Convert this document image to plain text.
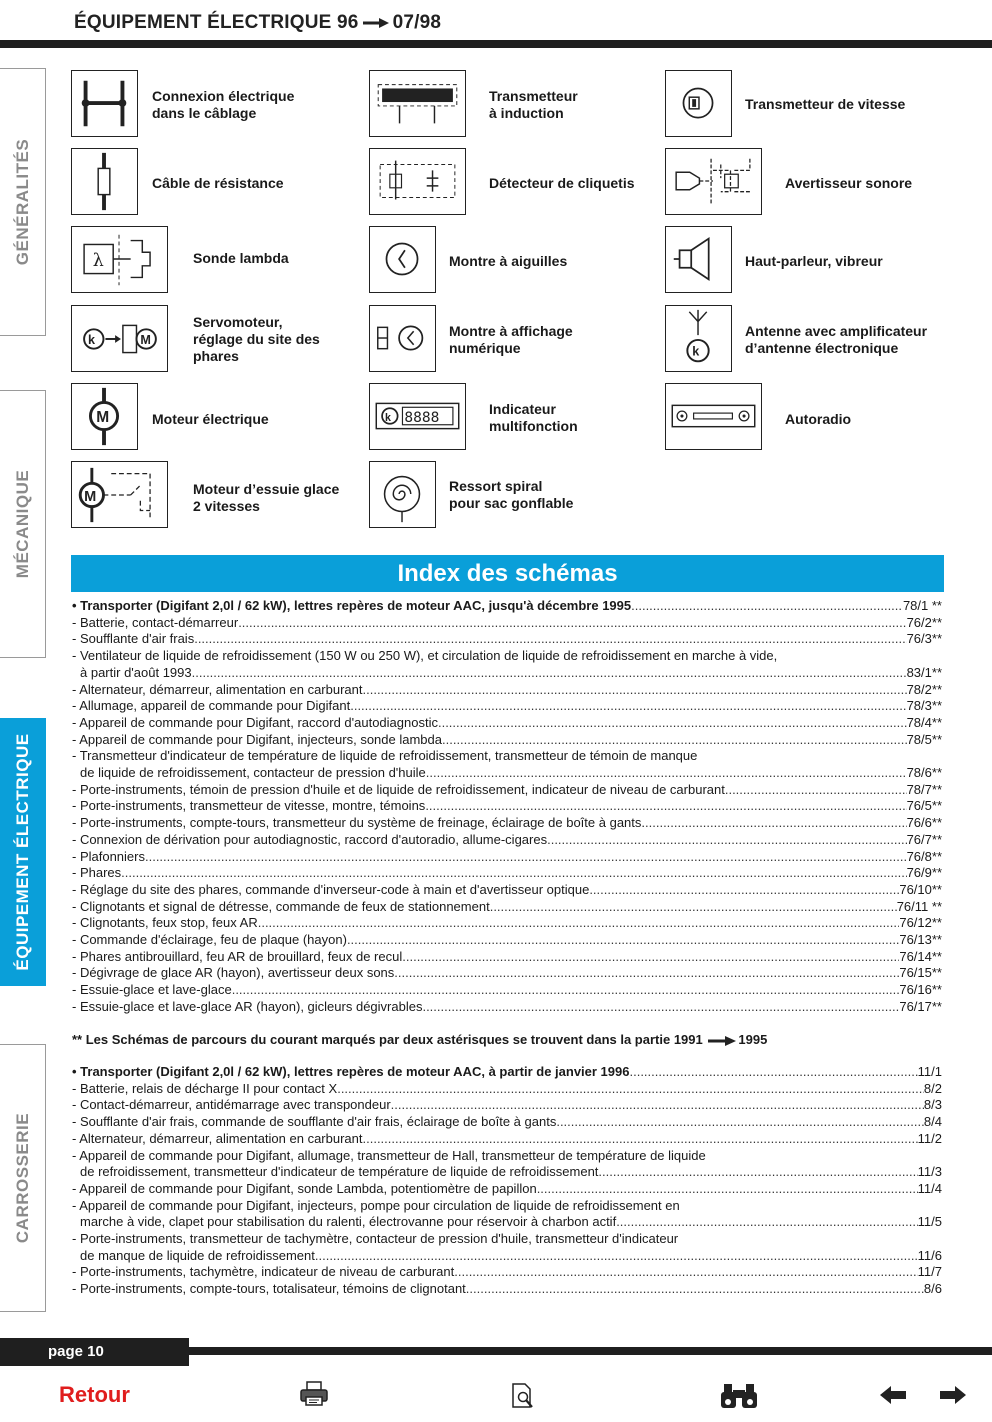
ÉQUIPEMENT ÉLECTRIQUE 96 07/98
GÉNÉRALITÉS
MÉCANIQUE
ÉQUIPEMENT ÉLECTRIQUE
CARROSSERIE
Connexion électrique
dans le câblage
Câble de résistance
λ	Sonde lambda
k	M
Servomoteur,
réglage du site des
phares
M	Moteur électrique
M	Moteur d’essuie glace
2 vitesses
Transmetteur
à induction
Détecteur de cliquetis
Montre à aiguilles
Montre à affichage
numérique
k 8888	Indicateur
multifonction
Ressort spiral
pour sac gonflable
Transmetteur de vitesse
Avertisseur sonore
Haut-parleur, vibreur
k
Antenne avec amplificateur
d’antenne électronique
Autoradio
Index des schémas
• Transporter (Digifant 2,0l / 62 kW), lettres repères de moteur AAC, jusqu'à décembre 1995 .....	78/1 **
- Batterie, contact-démarreur .....	76/2**
- Soufflante d'air frais .....	76/3**
- Ventilateur de liquide de refroidissement (150 W ou 250 W), et circulation de liquide de refroidissement en marche à vide,
à partir d'août 1993 .....	83/1**
- Alternateur, démarreur, alimentation en carburant .....	78/2**
- Allumage, appareil de commande pour Digifant .....	78/3**
- Appareil de commande pour Digifant, raccord d'autodiagnostic .....	78/4**
- Appareil de commande pour Digifant, injecteurs, sonde lambda .....	78/5**
- Transmetteur d'indicateur de température de liquide de refroidissement, transmetteur de témoin de manque
de liquide de refroidissement, contacteur de pression d'huile .....	78/6**
- Porte-instruments, témoin de pression d'huile et de liquide de refroidissement, indicateur de niveau de carburant .....	78/7**
- Porte-instruments, transmetteur de vitesse, montre, témoins .....	76/5**
- Porte-instruments, compte-tours, transmetteur du système de freinage, éclairage de boîte à gants. .....	76/6**
- Connexion de dérivation pour autodiagnostic, raccord d'autoradio, allume-cigares .....	76/7**
- Plafonniers .....	76/8**
- Phares .....	76/9**
- Réglage du site des phares, commande d'inverseur-code à main et d'avertisseur optique .....	76/10**
- Clignotants et signal de détresse, commande de feux de stationnement .....	76/11 **
- Clignotants, feux stop, feux AR .....	76/12**
- Commande d'éclairage, feu de plaque (hayon) .....	76/13**
- Phares antibrouillard, feu AR de brouillard, feux de recul .....	76/14**
- Dégivrage de glace AR (hayon), avertisseur deux sons .....	76/15**
- Essuie-glace et lave-glace .....	76/16**
- Essuie-glace et lave-glace AR (hayon), gicleurs dégivrables .....	76/17**
** Les Schémas de parcours du courant marqués par deux astérisques se trouvent dans la partie 1991	1995
• Transporter (Digifant 2,0l / 62 kW), lettres repères de moteur AAC, à partir de janvier 1996 .....	11/1
- Batterie, relais de décharge II pour contact X .....	8/2
- Contact-démarreur, antidémarrage avec transpondeur .....	8/3
- Soufflante d'air frais, commande de soufflante d'air frais, éclairage de boîte à gants .....	8/4
- Alternateur, démarreur, alimentation en carburant .....	11/2
- Appareil de commande pour Digifant, allumage, transmetteur de Hall, transmetteur de température de liquide
de refroidissement, transmetteur d'indicateur de température de liquide de refroidissement .....	11/3
- Appareil de commande pour Digifant, sonde Lambda, potentiomètre de papillon .....	11/4
- Appareil de commande pour Digifant, injecteurs, pompe pour circulation de liquide de refroidissement en
marche à vide, clapet pour stabilisation du ralenti, électrovanne pour réservoir à charbon actif .....	11/5
- Porte-instruments, transmetteur de tachymètre, contacteur de pression d'huile, transmetteur d'indicateur
de manque de liquide de refroidissement .....	11/6
- Porte-instruments, tachymètre, indicateur de niveau de carburant .....	11/7
- Porte-instruments, compte-tours, totalisateur, témoins de clignotant .....	8/6
page 10
Retour
